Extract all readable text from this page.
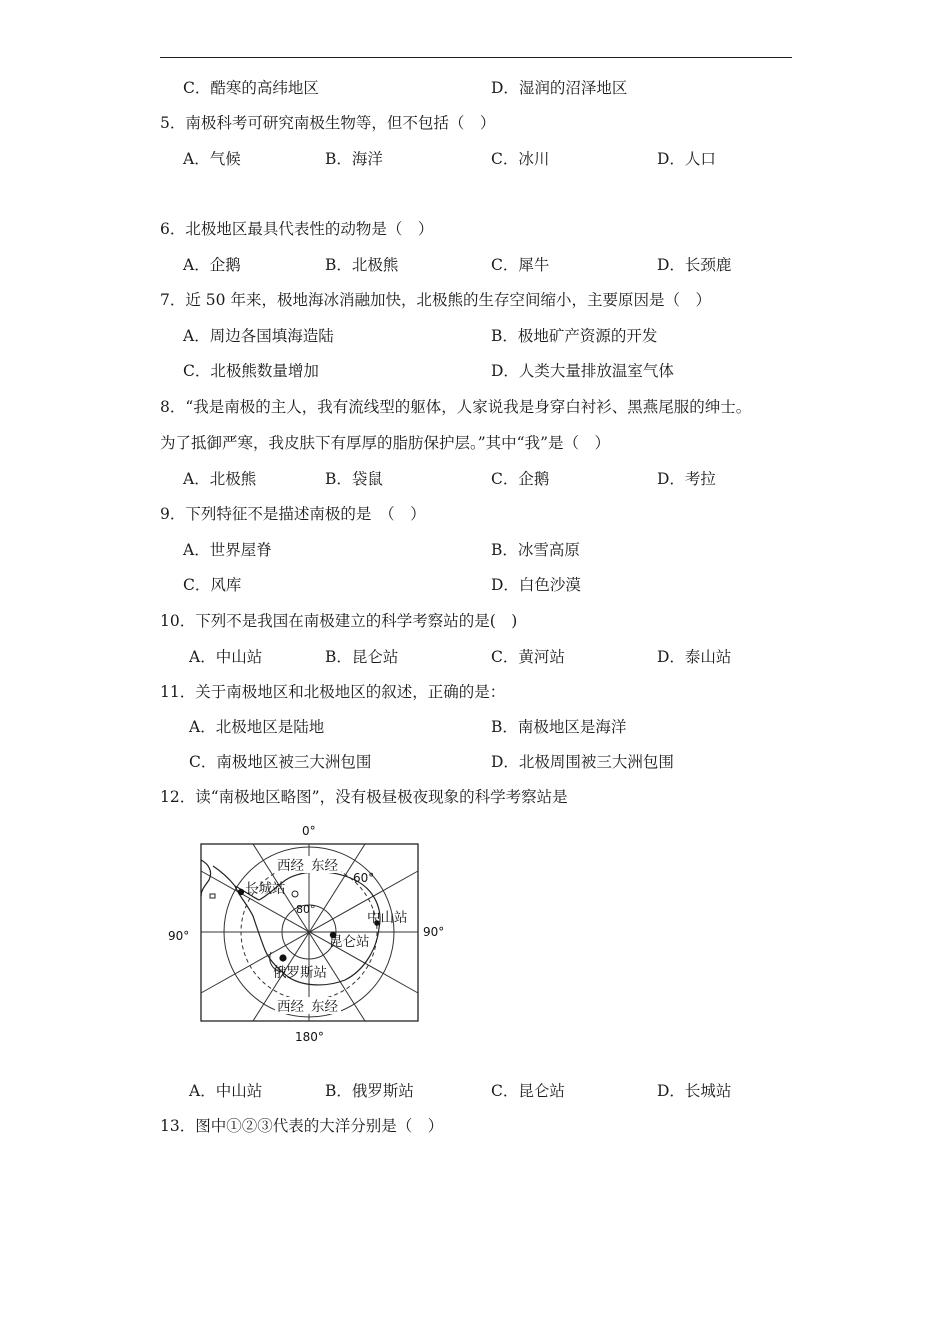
C．酷寒的高纬地区	D．湿润的沼泽地区
5．南极科考可研究南极生物等，但不包括（　）
A．气候	B．海洋	C．冰川	D．人口
6．北极地区最具代表性的动物是（　）
A．企鹅	B．北极熊	C．犀牛	D．长颈鹿
7．近 50 年来，极地海冰消融加快，北极熊的生存空间缩小，主要原因是（　）
A．周边各国填海造陆	B．极地矿产资源的开发
C．北极熊数量增加	D．人类大量排放温室气体
8．“我是南极的主人，我有流线型的躯体，人家说我是身穿白衬衫、黑燕尾服的绅士。
为了抵御严寒，我皮肤下有厚厚的脂肪保护层。”其中“我”是（　）
A．北极熊	B．袋鼠	C．企鹅	D．考拉
9．下列特征不是描述南极的是　（　）
A．世界屋脊	B．冰雪高原
C．风库	D．白色沙漠
10．下列不是我国在南极建立的科学考察站的是(　)
A．中山站	B．昆仑站	C．黄河站	D．泰山站
11．关于南极地区和北极地区的叙述，正确的是：
A．北极地区是陆地	B．南极地区是海洋
C．南极地区被三大洲包围	D．北极周围被三大洲包围
12．读“南极地区略图”，没有极昼极夜现象的科学考察站是
0°
180°
90°	90°
西经 东经
西经 东经
60°
80°
长城站
中山站
昆仑站
俄罗斯站
A．中山站	B．俄罗斯站	C．昆仑站	D．长城站
13．图中①②③代表的大洋分别是（　）
